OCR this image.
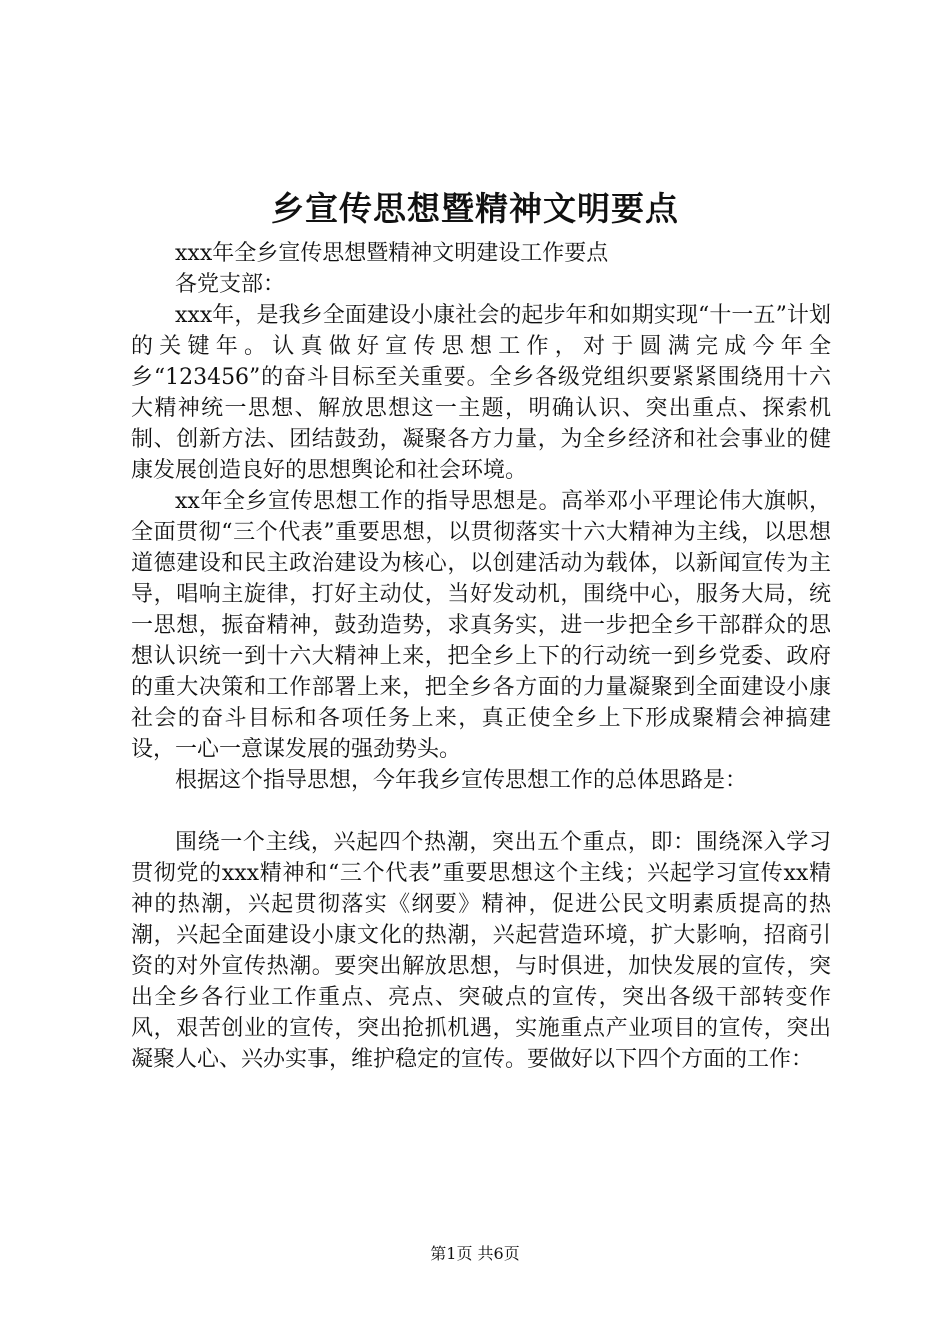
乡宣传思想暨精神文明要点

xxx年全乡宣传思想暨精神文明建设工作要点

各党支部：

xxx年，是我乡全面建设小康社会的起步年和如期实现“十一五”计划的关键年。认真做好宣传思想工作，对于圆满完成今年全乡“123456”的奋斗目标至关重要。全乡各级党组织要紧紧围绕用十六大精神统一思想、解放思想这一主题，明确认识、突出重点、探索机制、创新方法、团结鼓劲，凝聚各方力量，为全乡经济和社会事业的健康发展创造良好的思想舆论和社会环境。

xx年全乡宣传思想工作的指导思想是。高举邓小平理论伟大旗帜，全面贯彻“三个代表”重要思想，以贯彻落实十六大精神为主线，以思想道德建设和民主政治建设为核心，以创建活动为载体，以新闻宣传为主导，唱响主旋律，打好主动仗，当好发动机，围绕中心，服务大局，统一思想，振奋精神，鼓劲造势，求真务实，进一步把全乡干部群众的思想认识统一到十六大精神上来，把全乡上下的行动统一到乡党委、政府的重大决策和工作部署上来，把全乡各方面的力量凝聚到全面建设小康社会的奋斗目标和各项任务上来，真正使全乡上下形成聚精会神搞建设，一心一意谋发展的强劲势头。

根据这个指导思想，今年我乡宣传思想工作的总体思路是：

围绕一个主线，兴起四个热潮，突出五个重点，即：围绕深入学习贯彻党的xxx精神和“三个代表”重要思想这个主线；兴起学习宣传xx精神的热潮，兴起贯彻落实《纲要》精神，促进公民文明素质提高的热潮，兴起全面建设小康文化的热潮，兴起营造环境，扩大影响，招商引资的对外宣传热潮。要突出解放思想，与时俱进，加快发展的宣传，突出全乡各行业工作重点、亮点、突破点的宣传，突出各级干部转变作风，艰苦创业的宣传，突出抢抓机遇，实施重点产业项目的宣传，突出凝聚人心、兴办实事，维护稳定的宣传。要做好以下四个方面的工作：

第1页 共6页
